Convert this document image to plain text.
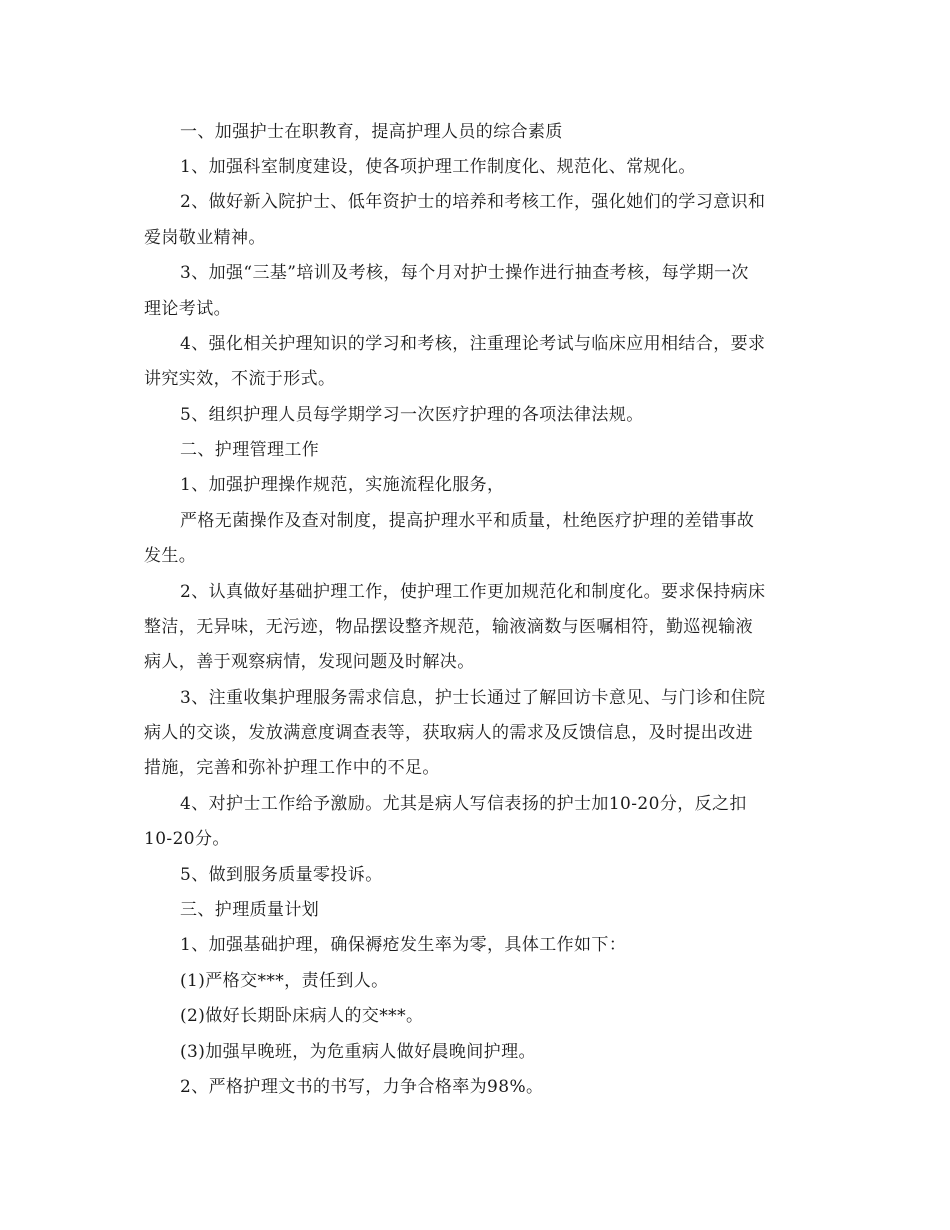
一、加强护士在职教育，提高护理人员的综合素质
1、加强科室制度建设，使各项护理工作制度化、规范化、常规化。
2、做好新入院护士、低年资护士的培养和考核工作，强化她们的学习意识和
爱岗敬业精神。
3、加强“三基”培训及考核，每个月对护士操作进行抽查考核，每学期一次
理论考试。
4、强化相关护理知识的学习和考核，注重理论考试与临床应用相结合，要求
讲究实效，不流于形式。
5、组织护理人员每学期学习一次医疗护理的各项法律法规。
二、护理管理工作
1、加强护理操作规范，实施流程化服务，
严格无菌操作及查对制度，提高护理水平和质量，杜绝医疗护理的差错事故
发生。
2、认真做好基础护理工作，使护理工作更加规范化和制度化。要求保持病床
整洁，无异味，无污迹，物品摆设整齐规范，输液滴数与医嘱相符，勤巡视输液
病人，善于观察病情，发现问题及时解决。
3、注重收集护理服务需求信息，护士长通过了解回访卡意见、与门诊和住院
病人的交谈，发放满意度调查表等，获取病人的需求及反馈信息，及时提出改进
措施，完善和弥补护理工作中的不足。
4、对护士工作给予激励。尤其是病人写信表扬的护士加10-20分，反之扣
10-20分。
5、做到服务质量零投诉。
三、护理质量计划
1、加强基础护理，确保褥疮发生率为零，具体工作如下：
(1)严格交***，责任到人。
(2)做好长期卧床病人的交***。
(3)加强早晚班，为危重病人做好晨晚间护理。
2、严格护理文书的书写，力争合格率为98%。
